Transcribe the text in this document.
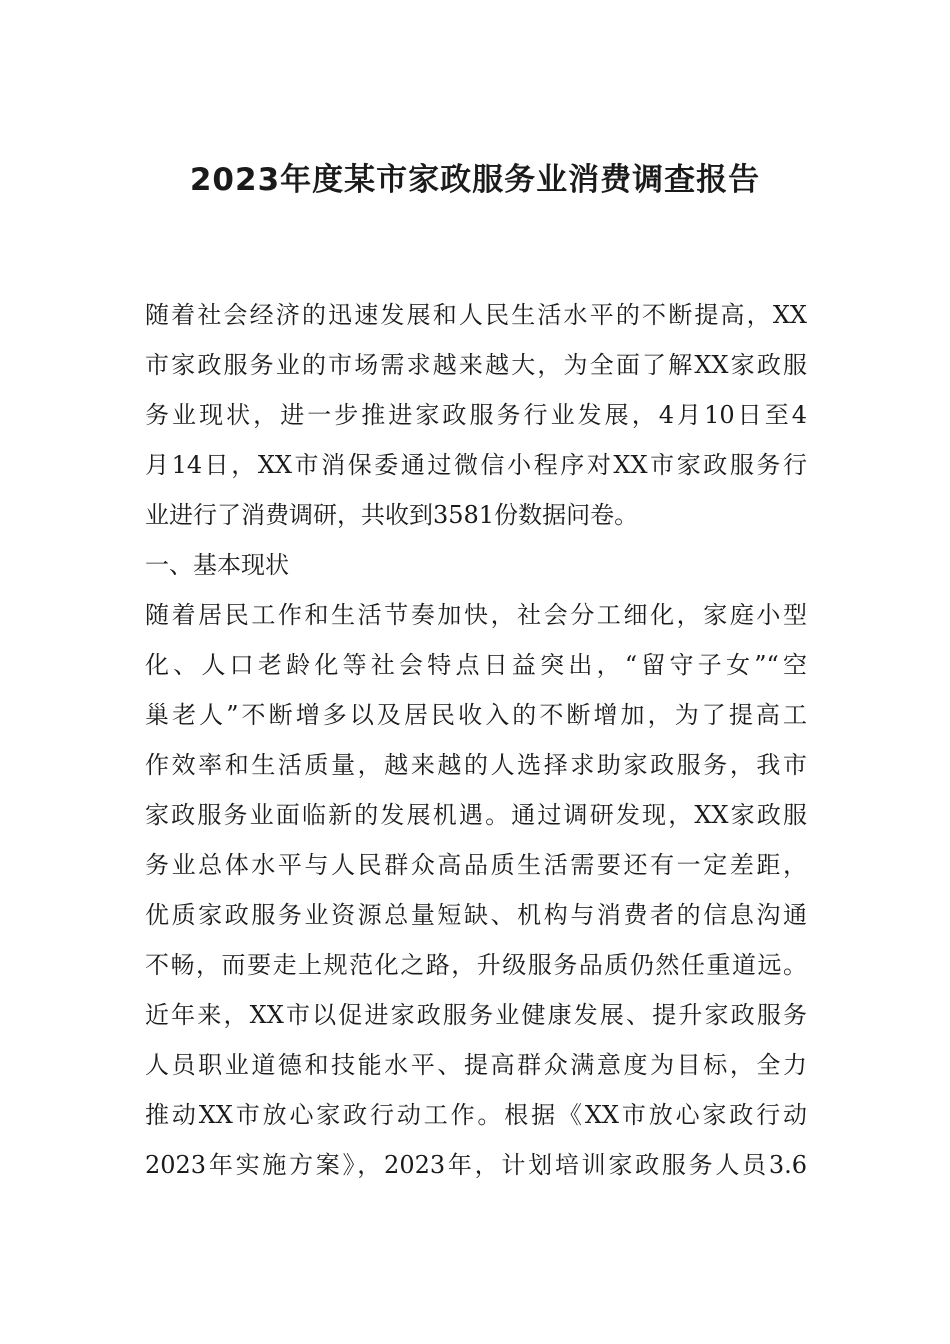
2023年度某市家政服务业消费调查报告
随着社会经济的迅速发展和人民生活水平的不断提高，XX
市家政服务业的市场需求越来越大，为全面了解XX家政服
务业现状，进一步推进家政服务行业发展，4月10日至4
月14日，XX市消保委通过微信小程序对XX市家政服务行
业进行了消费调研，共收到3581份数据问卷。
一、基本现状
随着居民工作和生活节奏加快，社会分工细化，家庭小型
化、人口老龄化等社会特点日益突出，“留守子女”“空
巢老人”不断增多以及居民收入的不断增加，为了提高工
作效率和生活质量，越来越的人选择求助家政服务，我市
家政服务业面临新的发展机遇。通过调研发现，XX家政服
务业总体水平与人民群众高品质生活需要还有一定差距，
优质家政服务业资源总量短缺、机构与消费者的信息沟通
不畅，而要走上规范化之路，升级服务品质仍然任重道远。
近年来，XX市以促进家政服务业健康发展、提升家政服务
人员职业道德和技能水平、提高群众满意度为目标，全力
推动XX市放心家政行动工作。根据《XX市放心家政行动
2023年实施方案》，2023年，计划培训家政服务人员3.6
